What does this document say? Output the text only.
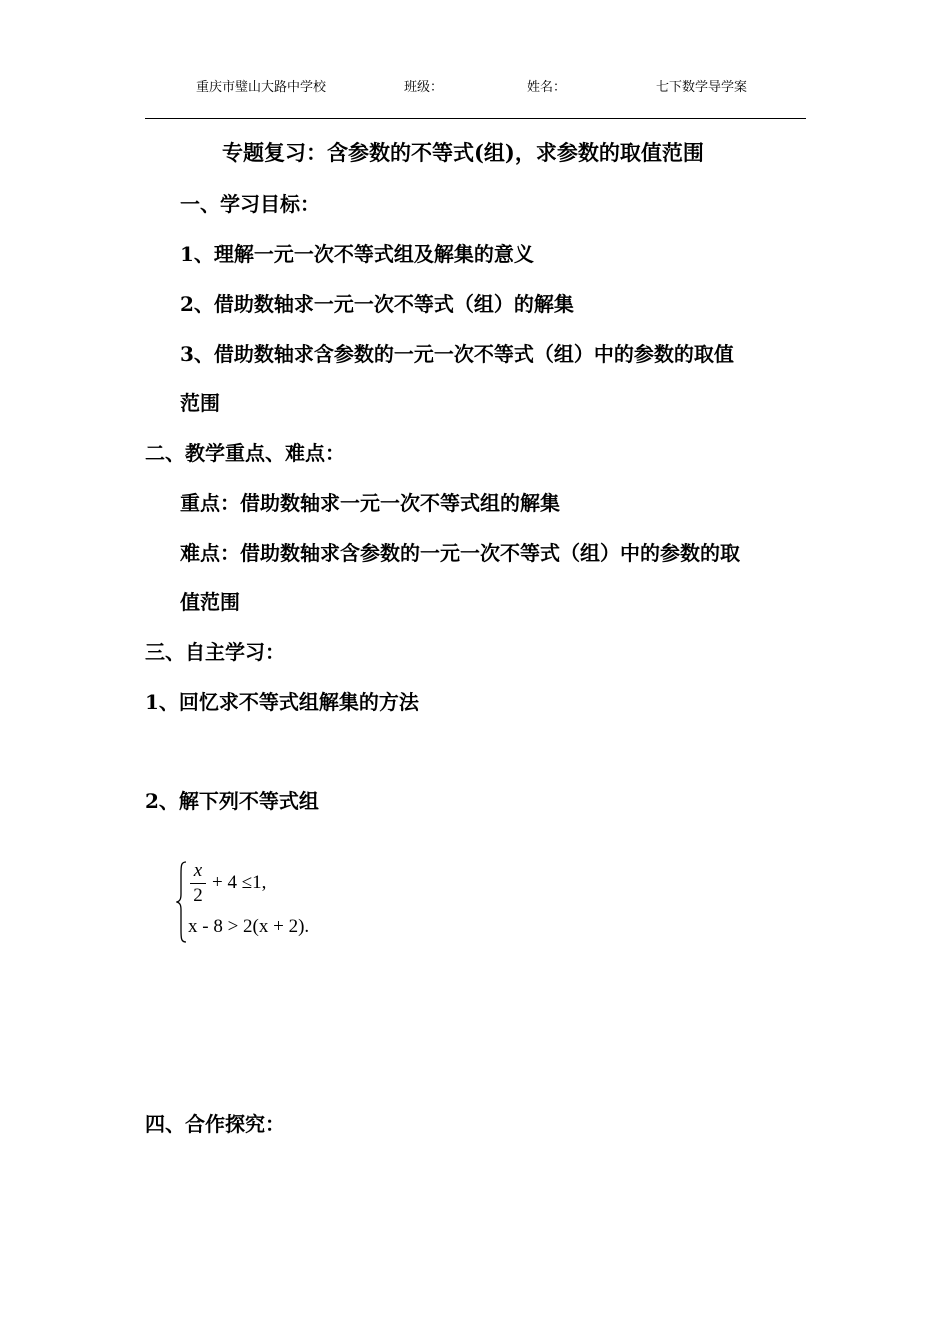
重庆市璧山大路中学校	班级：	姓名：	七下数学导学案
专题复习：含参数的不等式(组)，求参数的取值范围
一、学习目标：
1、理解一元一次不等式组及解集的意义
2、借助数轴求一元一次不等式（组）的解集
3、借助数轴求含参数的一元一次不等式（组）中的参数的取值
范围
二、教学重点、难点：
重点：借助数轴求一元一次不等式组的解集
难点：借助数轴求含参数的一元一次不等式（组）中的参数的取
值范围
三、自主学习：
1、回忆求不等式组解集的方法
2、解下列不等式组
x
2
+ 4 ≤1,
x - 8 > 2(x + 2).
四、合作探究：
